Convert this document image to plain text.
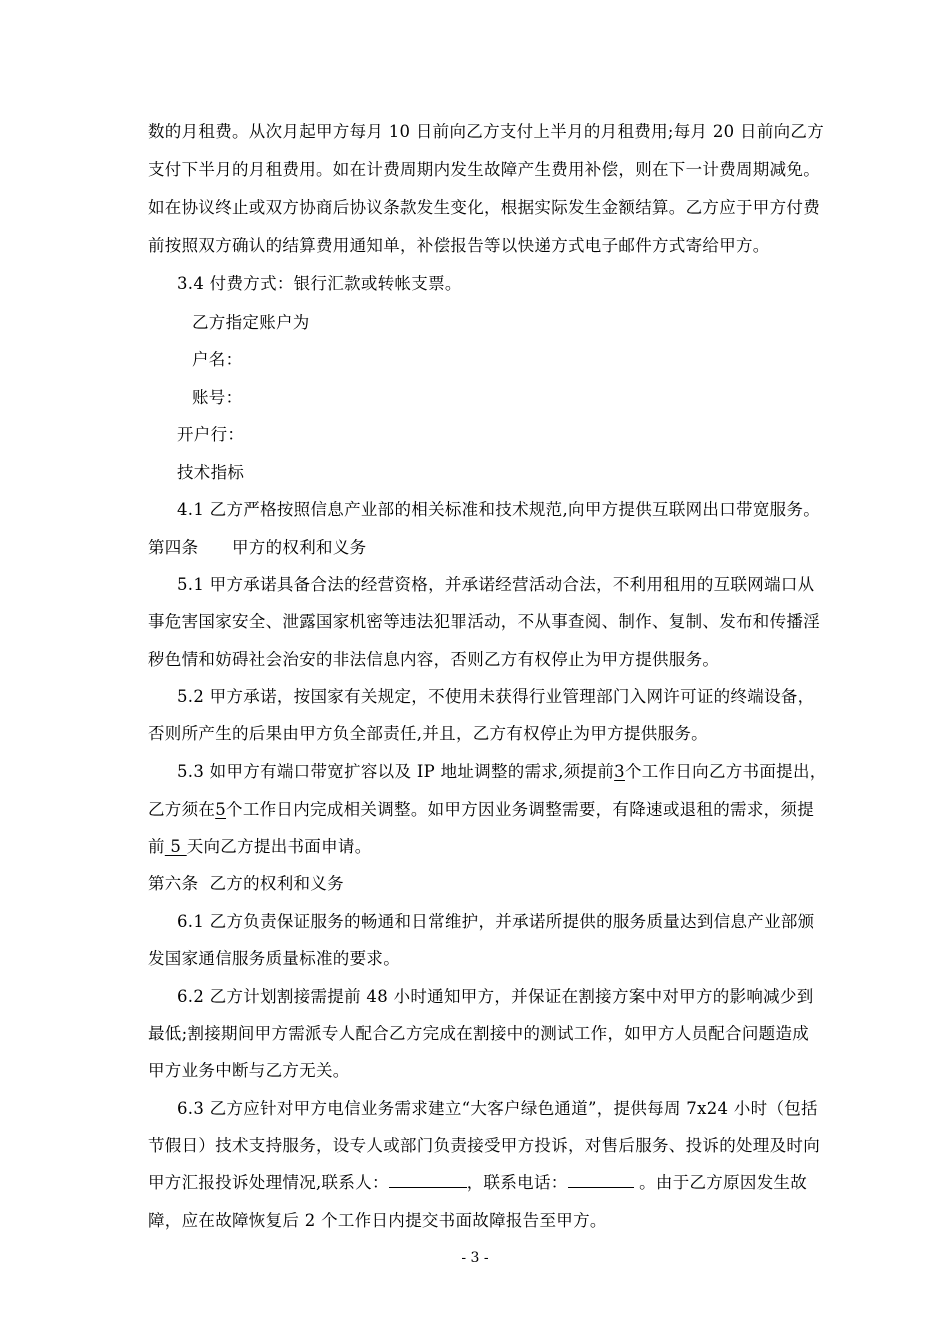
数的月租费。从次月起甲方每月 10 日前向乙方支付上半月的月租费用;每月 20 日前向乙方
支付下半月的月租费用。如在计费周期内发生故障产生费用补偿，则在下一计费周期减免。
如在协议终止或双方协商后协议条款发生变化，根据实际发生金额结算。乙方应于甲方付费
前按照双方确认的结算费用通知单，补偿报告等以快递方式电子邮件方式寄给甲方。
3.4 付费方式：银行汇款或转帐支票。
乙方指定账户为
户名：
账号：
开户行：
技术指标
4.1 乙方严格按照信息产业部的相关标准和技术规范,向甲方提供互联网出口带宽服务。
第四条 甲方的权利和义务
5.1 甲方承诺具备合法的经营资格，并承诺经营活动合法，不利用租用的互联网端口从
事危害国家安全、泄露国家机密等违法犯罪活动，不从事查阅、制作、复制、发布和传播淫
秽色情和妨碍社会治安的非法信息内容，否则乙方有权停止为甲方提供服务。
5.2 甲方承诺，按国家有关规定，不使用未获得行业管理部门入网许可证的终端设备，
否则所产生的后果由甲方负全部责任,并且，乙方有权停止为甲方提供服务。
5.3 如甲方有端口带宽扩容以及 IP 地址调整的需求,须提前3个工作日向乙方书面提出，
乙方须在5个工作日内完成相关调整。如甲方因业务调整需要，有降速或退租的需求，须提
前 5 天向乙方提出书面申请。
第六条  乙方的权利和义务
6.1 乙方负责保证服务的畅通和日常维护，并承诺所提供的服务质量达到信息产业部颁
发国家通信服务质量标准的要求。
6.2 乙方计划割接需提前 48 小时通知甲方，并保证在割接方案中对甲方的影响减少到
最低;割接期间甲方需派专人配合乙方完成在割接中的测试工作，如甲方人员配合问题造成
甲方业务中断与乙方无关。
6.3 乙方应针对甲方电信业务需求建立“大客户绿色通道”，提供每周 7x24 小时（包括
节假日）技术支持服务，设专人或部门负责接受甲方投诉，对售后服务、投诉的处理及时向
甲方汇报投诉处理情况,联系人：	，联系电话：	。由于乙方原因发生故
障，应在故障恢复后 2 个工作日内提交书面故障报告至甲方。
- 3 -
